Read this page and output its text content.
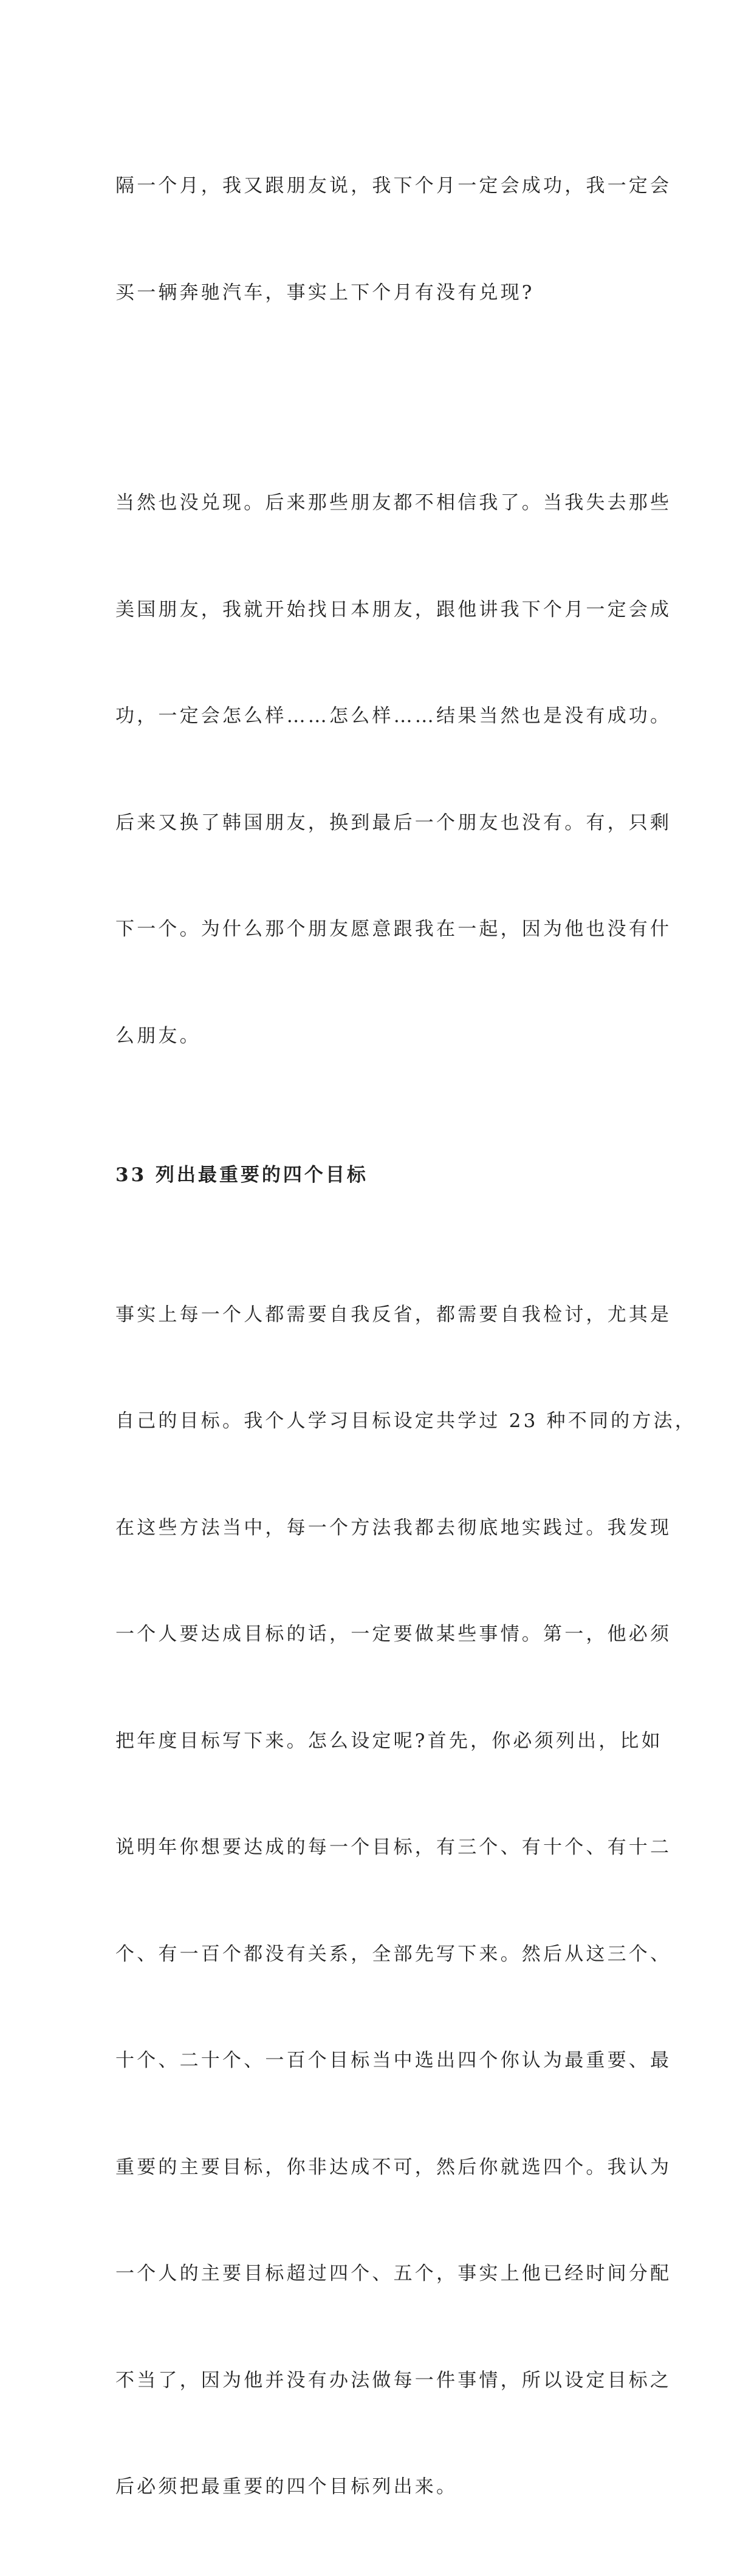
隔一个月，我又跟朋友说，我下个月一定会成功，我一定会

买一辆奔驰汽车，事实上下个月有没有兑现?

当然也没兑现。后来那些朋友都不相信我了。当我失去那些

美国朋友，我就开始找日本朋友，跟他讲我下个月一定会成

功，一定会怎么样……怎么样……结果当然也是没有成功。

后来又换了韩国朋友，换到最后一个朋友也没有。有，只剩

下一个。为什么那个朋友愿意跟我在一起，因为他也没有什

么朋友。

33 列出最重要的四个目标

事实上每一个人都需要自我反省，都需要自我检讨，尤其是

自己的目标。我个人学习目标设定共学过 23 种不同的方法，

在这些方法当中，每一个方法我都去彻底地实践过。我发现

一个人要达成目标的话，一定要做某些事情。第一，他必须

把年度目标写下来。怎么设定呢?首先，你必须列出，比如

说明年你想要达成的每一个目标，有三个、有十个、有十二

个、有一百个都没有关系，全部先写下来。然后从这三个、

十个、二十个、一百个目标当中选出四个你认为最重要、最

重要的主要目标，你非达成不可，然后你就选四个。我认为

一个人的主要目标超过四个、五个，事实上他已经时间分配

不当了，因为他并没有办法做每一件事情，所以设定目标之

后必须把最重要的四个目标列出来。
